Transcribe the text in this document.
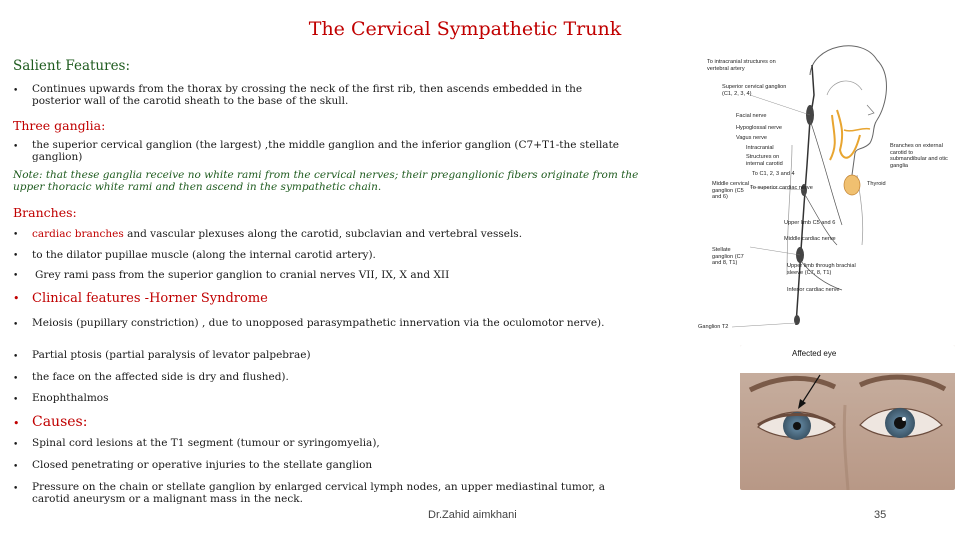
The Cervical Sympathetic Trunk
Salient Features:
• Continues upwards from the thorax by crossing the neck of the first rib, then ascends embedded in the posterior wall of the carotid sheath to the base of the skull.
Three ganglia:
• the superior cervical ganglion (the largest) ,the middle ganglion and the inferior ganglion (C7+T1-the stellate ganglion)
Note: that these ganglia receive no white rami from the cervical nerves; their preganglionic fibers originate from the upper thoracic white rami and then ascend in the sympathetic chain.
Branches:
• cardiac branches and vascular plexuses along the carotid, subclavian and vertebral vessels.
• to the dilator pupillae muscle (along the internal carotid artery).
• Grey rami pass from the superior ganglion to cranial nerves VII, IX, X and XII
• Clinical features -Horner Syndrome
• Meiosis (pupillary constriction) , due to unopposed parasympathetic innervation via the oculomotor nerve).
• Partial ptosis (partial paralysis of levator palpebrae)
• the face on the affected side is dry and flushed).
• Enophthalmos
• Causes:
• Spinal cord lesions at the T1 segment (tumour or syringomyelia),
• Closed penetrating or operative injuries to the stellate ganglion
• Pressure on the chain or stellate ganglion by enlarged cervical lymph nodes, an upper mediastinal tumor, a carotid aneurysm or a malignant mass in the neck.
Dr.Zahid aimkhani	35
To intracranial structures on vertebral artery
Superior cervical ganglion (C1, 2, 3, 4)
Facial nerve
Hypoglossal nerve
Vagus nerve
Intracranial
Structures on internal carotid
Branches on external carotid to submandibular and otic ganglia
To C1, 2, 3 and 4
Middle cervical ganglion (C5 and 6)
To superior cardiac nerve
Thyroid
Upper limb C5 and 6
Middle cardiac nerve
Stellate ganglion (C7 and 8, T1)	Upper limb through brachial sleeve (C7, 8, T1)
Inferior cardiac nerve
Ganglion T2
Affected eye
